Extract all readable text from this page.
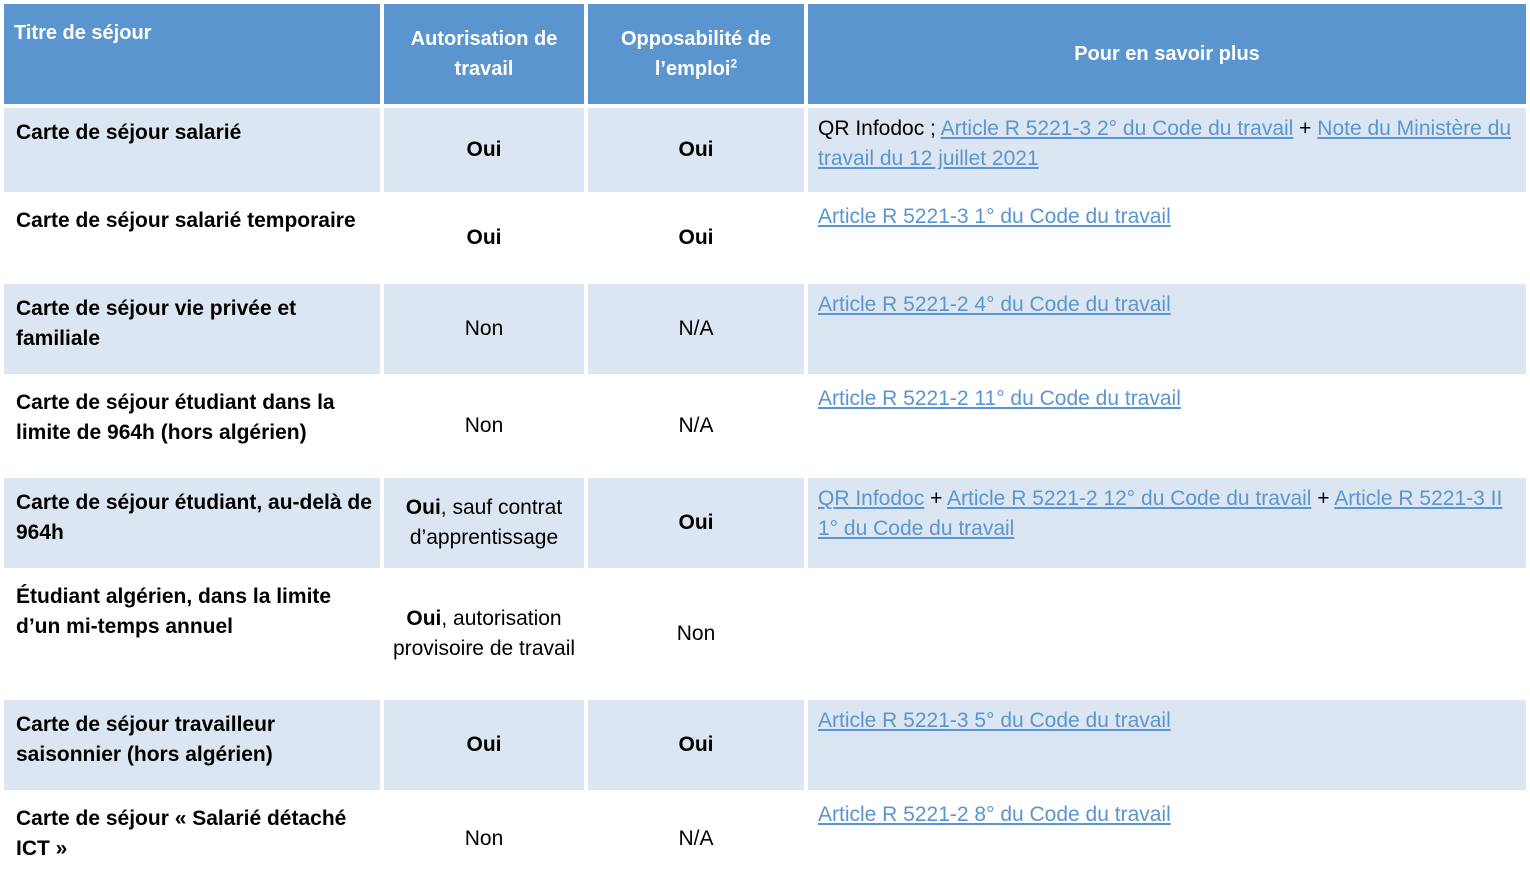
Titre de séjour	Autorisation de travail	Opposabilité de l’emploi$^2$	Pour en savoir plus
Carte de séjour salarié	Oui	Oui	QR Infodoc ; Article R 5221-3 2° du Code du travail + Note du Ministère du travail du 12 juillet 2021
Carte de séjour salarié temporaire	Oui	Oui	Article R 5221-3 1° du Code du travail
Carte de séjour vie privée et familiale	Non	N/A	Article R 5221-2 4° du Code du travail
Carte de séjour étudiant dans la limite de 964h (hors algérien)	Non	N/A	Article R 5221-2 11° du Code du travail
Carte de séjour étudiant, au-delà de 964h	Oui, sauf contrat d’apprentissage	Oui	QR Infodoc + Article R 5221-2 12° du Code du travail + Article R 5221-3 II 1° du Code du travail
Étudiant algérien, dans la limite d’un mi-temps annuel	Oui, autorisation provisoire de travail	Non	
Carte de séjour travailleur saisonnier (hors algérien)	Oui	Oui	Article R 5221-3 5° du Code du travail
Carte de séjour « Salarié détaché ICT »	Non	N/A	Article R 5221-2 8° du Code du travail
